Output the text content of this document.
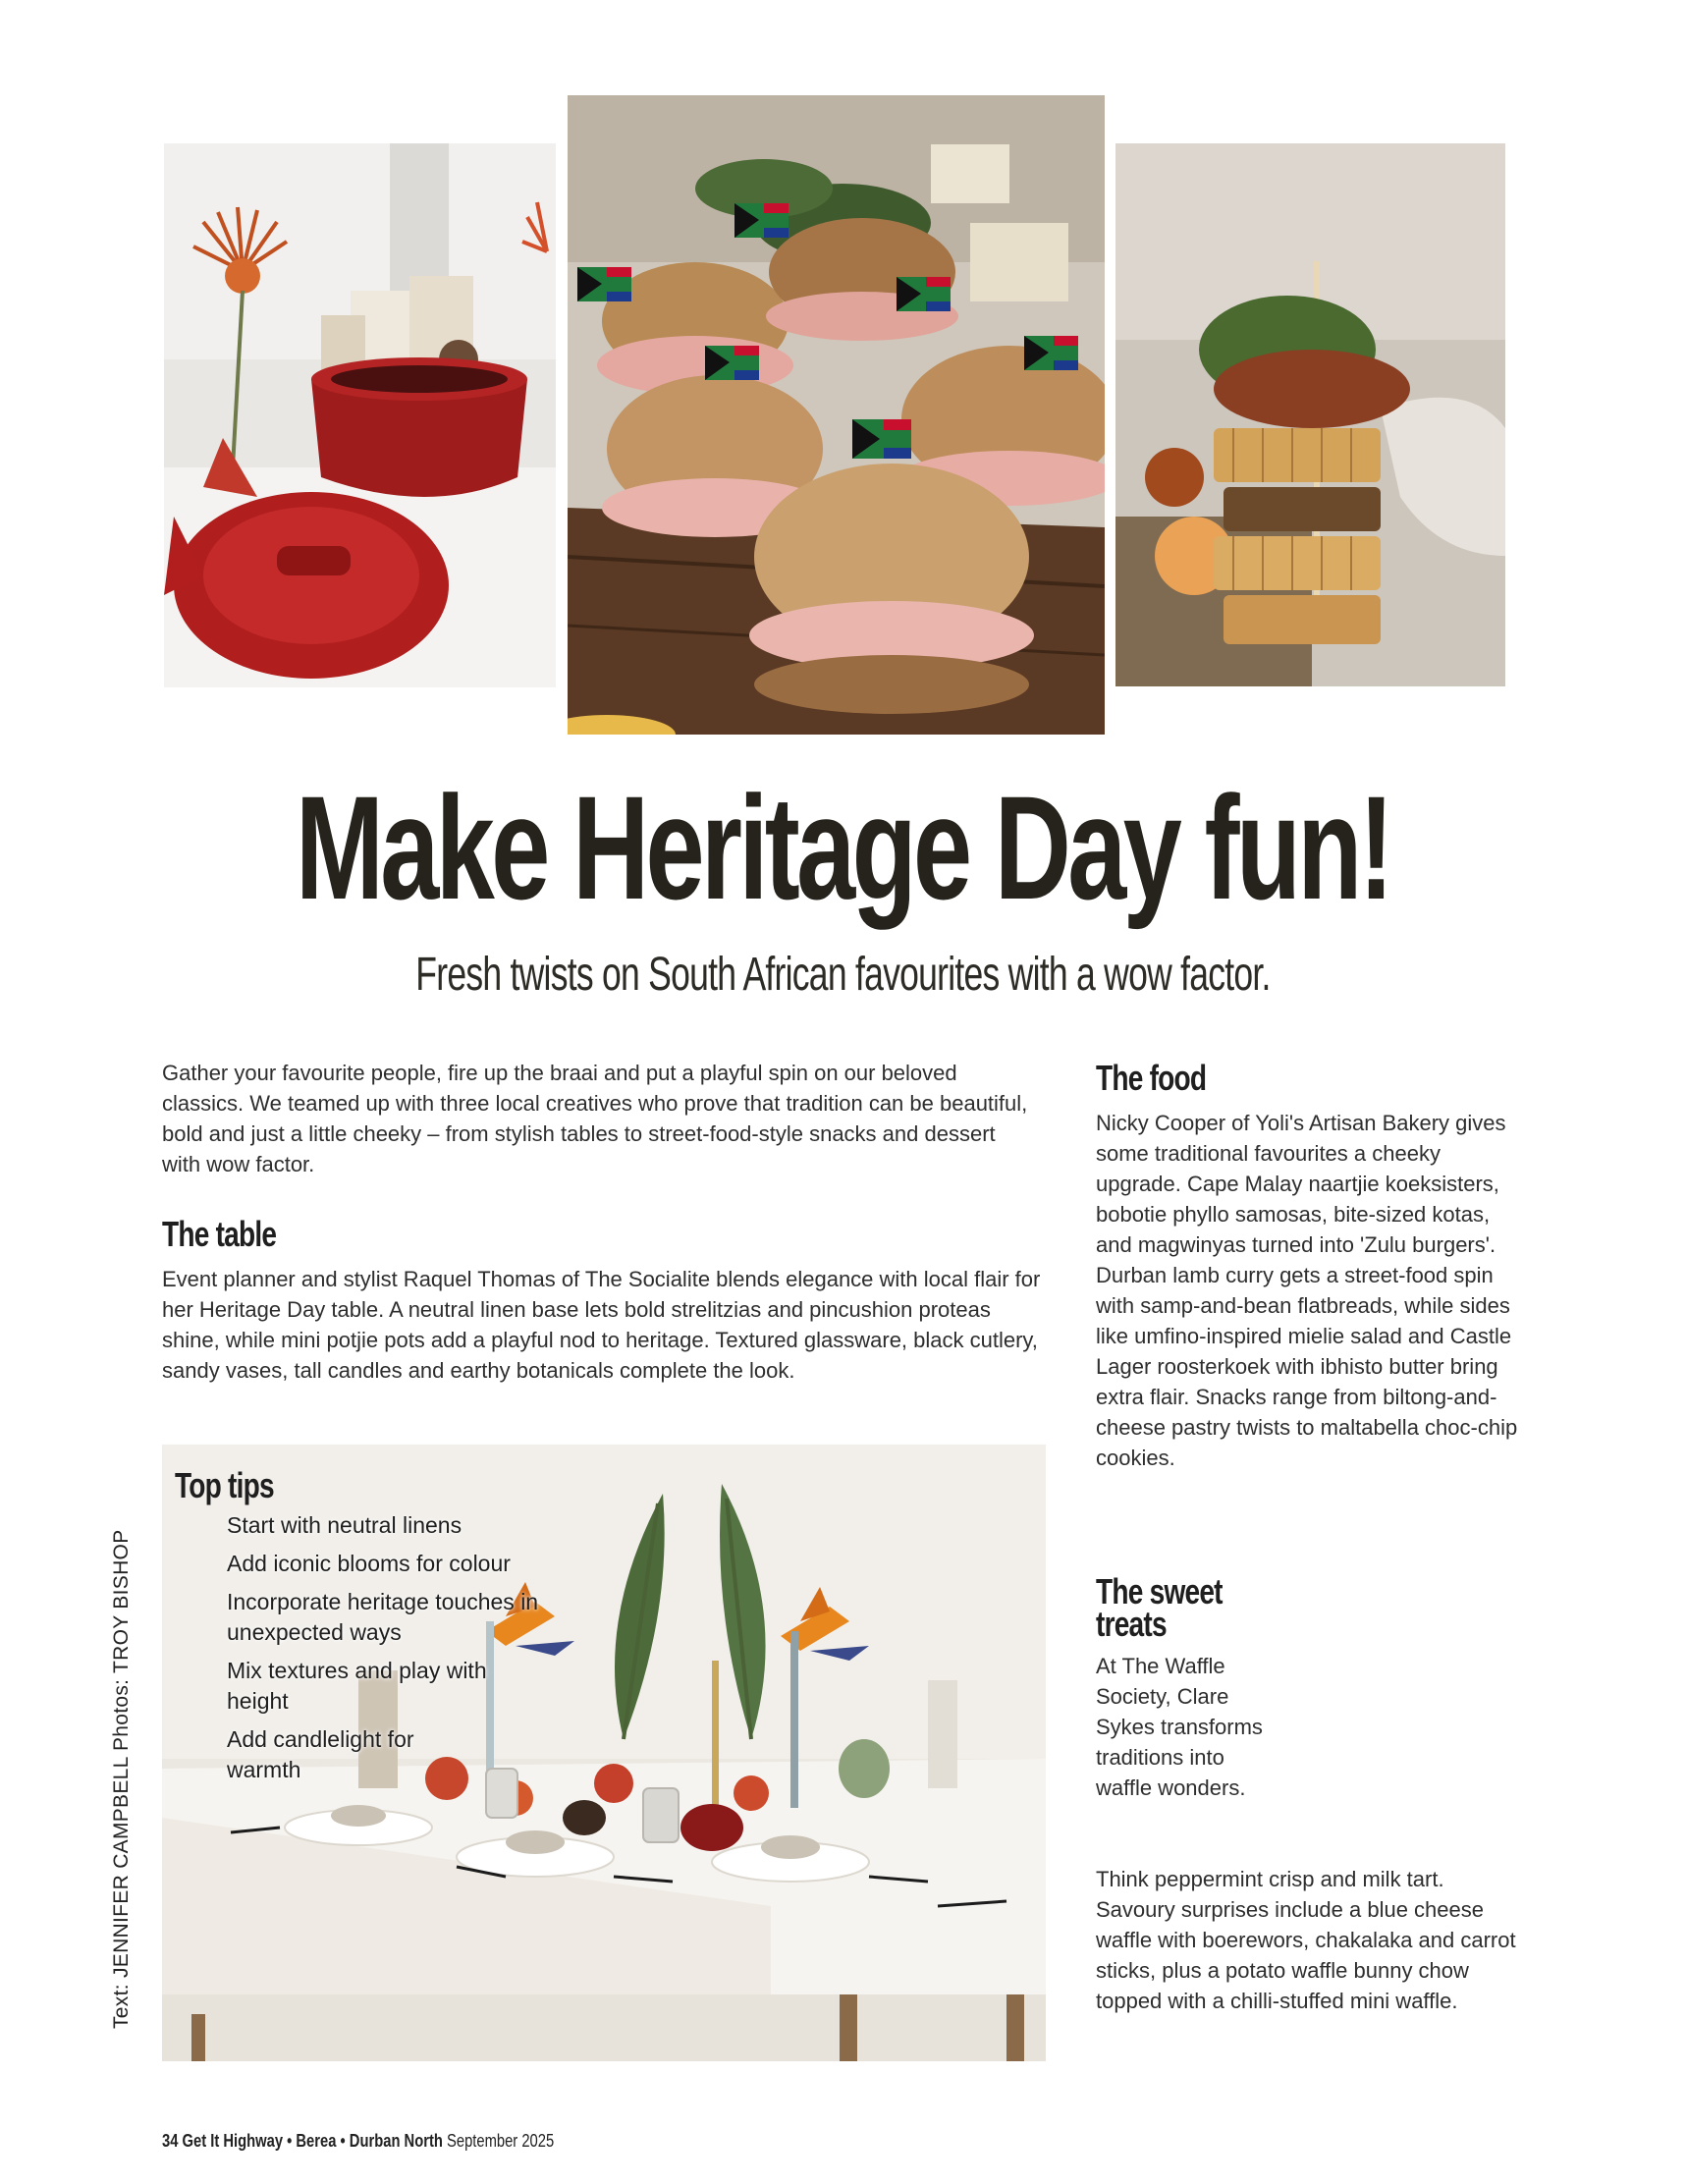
Make Heritage Day fun!
Fresh twists on South African favourites with a wow factor.

Gather your favourite people, fire up the braai and put a playful spin on our beloved classics. We teamed up with three local creatives who prove that tradition can be beautiful, bold and just a little cheeky – from stylish tables to street-food-style snacks and dessert with wow factor.

The table

Event planner and stylist Raquel Thomas of The Socialite blends elegance with local flair for her Heritage Day table. A neutral linen base lets bold strelitzias and pincushion proteas shine, while mini potjie pots add a playful nod to heritage. Textured glassware, black cutlery, sandy vases, tall candles and earthy botanicals complete the look.

Top tips
Start with neutral linens
Add iconic blooms for colour
Incorporate heritage touches in unexpected ways
Mix textures and play with height
Add candlelight for warmth
The food

Nicky Cooper of Yoli's Artisan Bakery gives some traditional favourites a cheeky upgrade. Cape Malay naartjie koeksisters, bobotie phyllo samosas, bite-sized kotas, and magwinyas turned into 'Zulu burgers'. Durban lamb curry gets a street-food spin with samp-and-bean flatbreads, while sides like umfino-inspired mielie salad and Castle Lager roosterkoek with ibhisto butter bring extra flair. Snacks range from biltong-and-cheese pastry twists to maltabella choc-chip cookies.

The sweet
treats

At The Waffle Society, Clare Sykes transforms traditions into waffle wonders.

Think peppermint crisp and milk tart. Savoury surprises include a blue cheese waffle with boerewors, chakalaka and carrot sticks, plus a potato waffle bunny chow topped with a chilli-stuffed mini waffle.

Text: JENNIFER CAMPBELL Photos: TROY BISHOP
34 Get It Highway • Berea • Durban North September 2025
